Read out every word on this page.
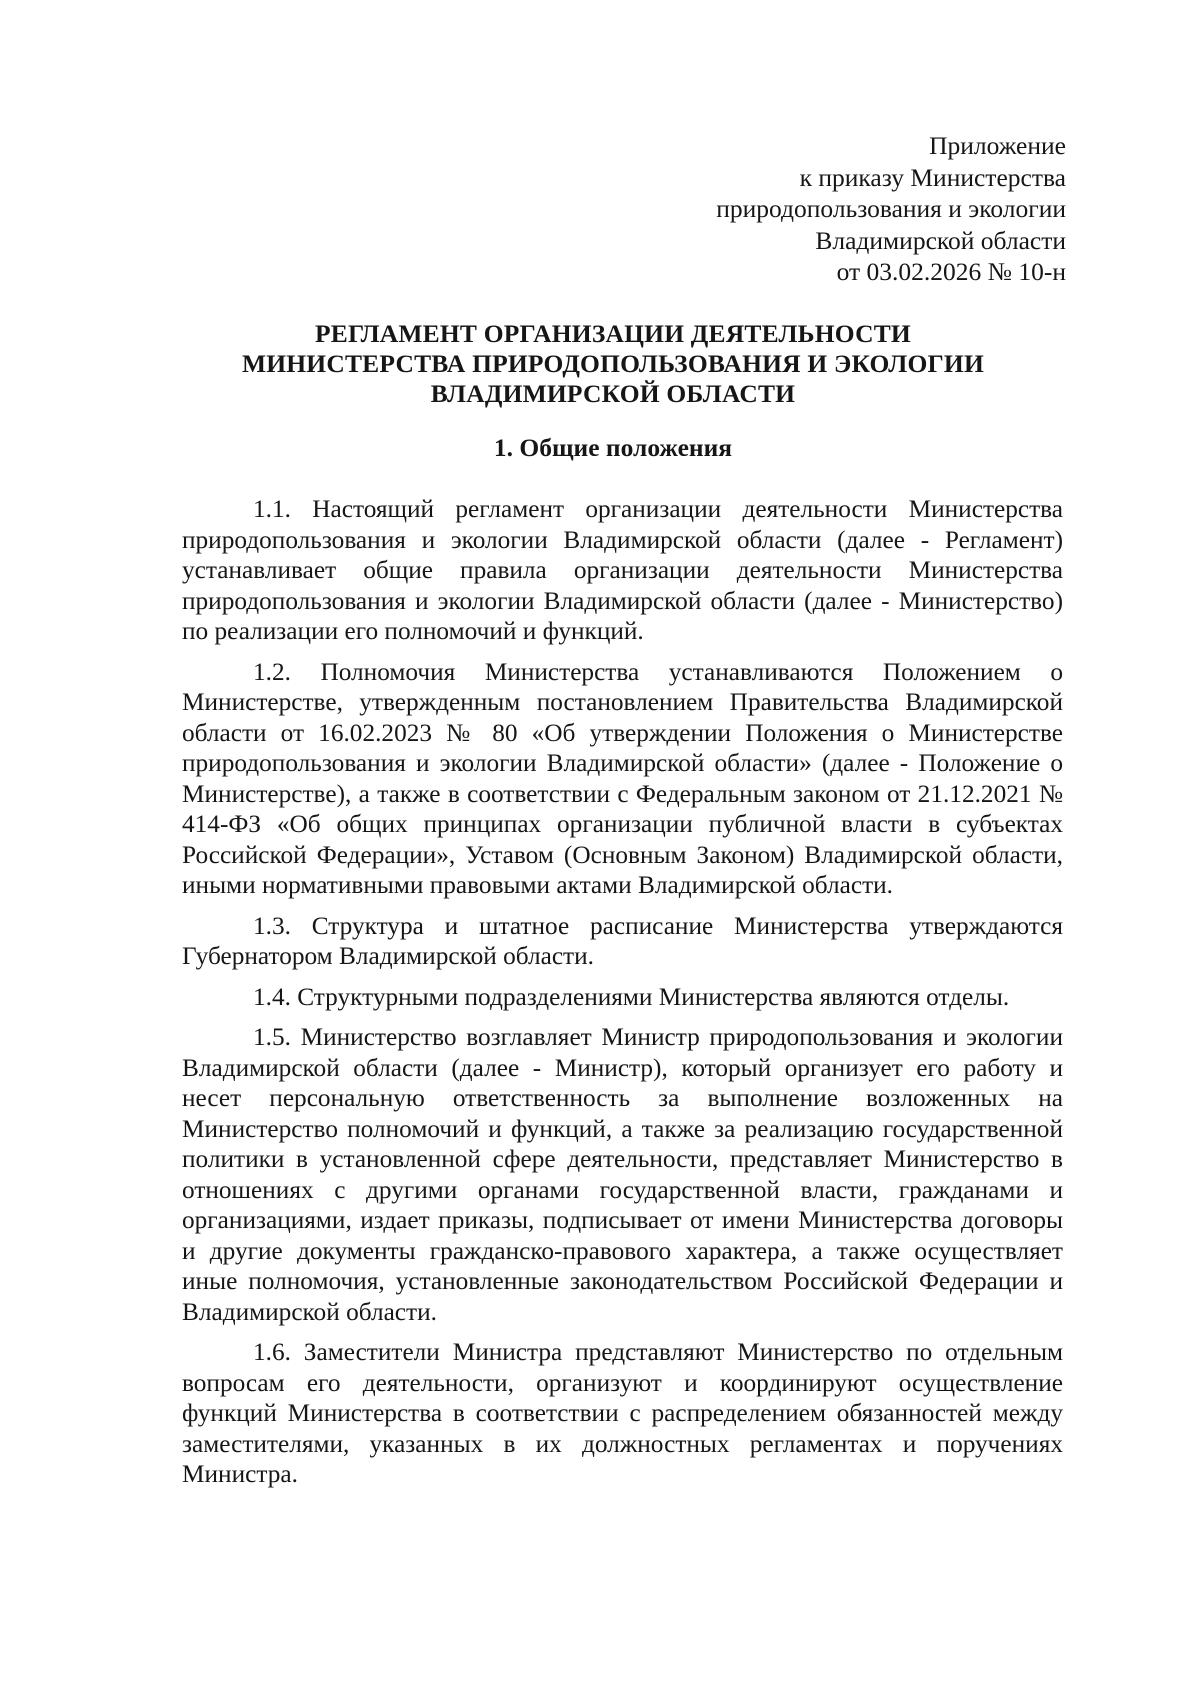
Приложение
к приказу Министерства
природопользования и экологии
Владимирской области
от 03.02.2026 № 10-н
РЕГЛАМЕНТ ОРГАНИЗАЦИИ ДЕЯТЕЛЬНОСТИ
МИНИСТЕРСТВА ПРИРОДОПОЛЬЗОВАНИЯ И ЭКОЛОГИИ
ВЛАДИМИРСКОЙ ОБЛАСТИ
1. Общие положения

1.1. Настоящий регламент организации деятельности Министерства природопользования и экологии Владимирской области (далее - Регламент) устанавливает общие правила организации деятельности Министерства природопользования и экологии Владимирской области (далее - Министерство) по реализации его полномочий и функций.

1.2. Полномочия Министерства устанавливаются Положением о Министерстве, утвержденным постановлением Правительства Владимирской области от 16.02.2023 № 80 «Об утверждении Положения о Министерстве природопользования и экологии Владимирской области» (далее - Положение о Министерстве), а также в соответствии с Федеральным законом от 21.12.2021 № 414-ФЗ «Об общих принципах организации публичной власти в субъектах Российской Федерации», Уставом (Основным Законом) Владимирской области, иными нормативными правовыми актами Владимирской области.

1.3. Структура и штатное расписание Министерства утверждаются Губернатором Владимирской области.

1.4. Структурными подразделениями Министерства являются отделы.

1.5. Министерство возглавляет Министр природопользования и экологии Владимирской области (далее - Министр), который организует его работу и несет персональную ответственность за выполнение возложенных на Министерство полномочий и функций, а также за реализацию государственной политики в установленной сфере деятельности, представляет Министерство в отношениях с другими органами государственной власти, гражданами и организациями, издает приказы, подписывает от имени Министерства договоры и другие документы гражданско-правового характера, а также осуществляет иные полномочия, установленные законодательством Российской Федерации и Владимирской области.

1.6. Заместители Министра представляют Министерство по отдельным вопросам его деятельности, организуют и координируют осуществление функций Министерства в соответствии с распределением обязанностей между заместителями, указанных в их должностных регламентах и поручениях Министра.
